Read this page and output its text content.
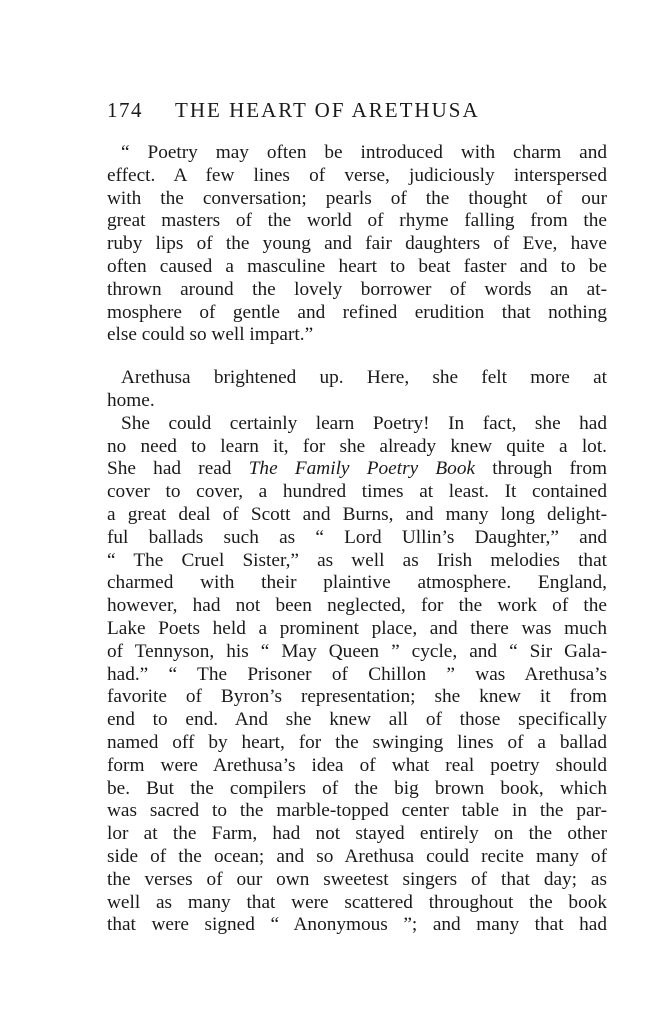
174 THE HEART OF ARETHUSA
“ Poetry may often be introduced with charm and
effect. A few lines of verse, judiciously interspersed
with the conversation; pearls of the thought of our
great masters of the world of rhyme falling from the
ruby lips of the young and fair daughters of Eve, have
often caused a masculine heart to beat faster and to be
thrown around the lovely borrower of words an at-
mosphere of gentle and refined erudition that nothing
else could so well impart.”
Arethusa brightened up. Here, she felt more at
home.
She could certainly learn Poetry! In fact, she had
no need to learn it, for she already knew quite a lot.
She had read The Family Poetry Book through from
cover to cover, a hundred times at least. It contained
a great deal of Scott and Burns, and many long delight-
ful ballads such as “ Lord Ullin’s Daughter,” and
“ The Cruel Sister,” as well as Irish melodies that
charmed with their plaintive atmosphere. England,
however, had not been neglected, for the work of the
Lake Poets held a prominent place, and there was much
of Tennyson, his “ May Queen ” cycle, and “ Sir Gala-
had.” “ The Prisoner of Chillon ” was Arethusa’s
favorite of Byron’s representation; she knew it from
end to end. And she knew all of those specifically
named off by heart, for the swinging lines of a ballad
form were Arethusa’s idea of what real poetry should
be. But the compilers of the big brown book, which
was sacred to the marble-topped center table in the par-
lor at the Farm, had not stayed entirely on the other
side of the ocean; and so Arethusa could recite many of
the verses of our own sweetest singers of that day; as
well as many that were scattered throughout the book
that were signed “ Anonymous ”; and many that had
